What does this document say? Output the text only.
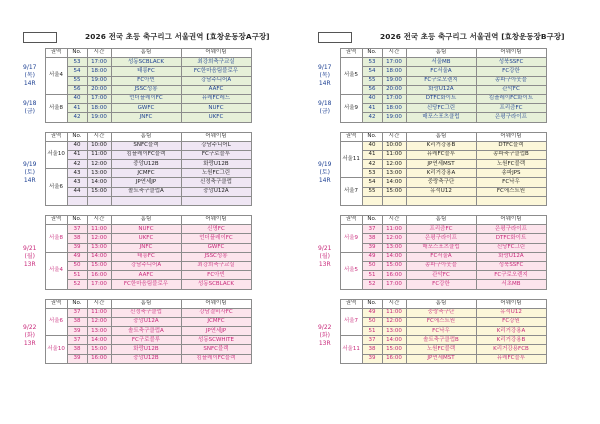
2026 전국 초등 축구리그 서울권역 [효창운동장A구장]
	권역	No.	시간	홈팀	어웨이팀

9/17
(목)
14R	서울4	53	17:00	성동SCBLACK	최강희축구교실
		54	18:00	태릉FC	FC한마음팀블로우
		55	19:00	FC아빈	강남주니어A
		56	20:00	JSSC성봉	AAFC

9/18
(금)	서울8	40	17:00	언더플레이FC	뮤레FC레드
		41	18:00	GWFC	NUFC
		42	19:00	JNFC	UKFC
	권역	No.	시간	홈팀	어웨이팀

9/19
(토)
14R	서울10	40	10:00	SNFC블랙	강남주니어L
		41	11:00	킴플레이FC블랙	FC구로블루
		42	12:00	중앙U12B	화랑U12B
	서울6	43	13:00	JCMFC	노원FC그린
		43	14:00	JP연세JP	신정축구클럽
		44	15:00	솔트축구클럽A	중앙U12A

	권역	No.	시간	홈팀	어웨이팀

9/21
(월)
13R	서울8	37	11:00	NUFC	신명FC
		38	12:00	UKFC	언더플레이FC
		39	13:00	JNFC	GWFC
	서울4	49	14:00	태릉FC	JSSC성봉
		50	15:00	강남주니어A	최강희축구교실
		51	16:00	AAFC	FC아빈
		52	17:00	FC한마음팀블로우	성동SCBLACK
	권역	No.	시간	홈팀	어웨이팀

9/22
(화)
13R	서울6	37	11:00	신정축구클럽	강남결비사FC
		38	12:00	중앙U12A	JCMFC
		39	13:00	솔트축구클럽A	JP연세JP
	서울10	37	14:00	FC구로블루	성동SCWHITE
		38	15:00	화랑U12B	SNFC블랙
		39	16:00	중앙U12B	킴플레이FC블랙
2026 전국 초등 축구리그 서울권역 [효창운동장B구장]
	권역	No.	시간	홈팀	어웨이팀

9/17
(목)
14R	서울5	53	17:00	서울MB	성북SSFC
		54	18:00	FC서울A	FC강한
		55	19:00	FC구로오렌지	송파구아웃블
		56	20:00	화랑U12A	관악FC

9/18
(금)	서울9	40	17:00	DTFC화이트	킴플레이FC화이트
		41	18:00	신당FC그린	프리즘FC
		42	19:00	매포스포츠클럽	은평구라이프
	권역	No.	시간	홈팀	어웨이팀

9/19
(토)
14R	서울11	40	10:00	K리거강용B	DTFC블랙
		41	11:00	뮤레FC블루	송파축구클럽B
		42	12:00	JP연세MST	노원FC블랙
		53	13:00	K리거강용A	송파JPS
	서울7	54	14:00	중랑축구단	FC낙우
		55	15:00	유석U12	FC에스트원

	권역	No.	시간	홈팀	어웨이팀

9/21
(월)
13R	서울9	37	11:00	프리즘FC	은평구라이프
		38	12:00	은평구라이프	DTFC화이트
		39	13:00	매포스포츠클럽	신당FC그린
	서울5	49	14:00	FC서울A	화랑U12A
		50	15:00	송파구아웃블	성북SSFC
		51	16:00	관악FC	FC구로오렌지
		52	17:00	FC강한	서초MB
	권역	No.	시간	홈팀	어웨이팀

9/22
(화)
13R	서울7	49	11:00	중랑축구단	유석U12
		50	12:00	FC에스트원	FC강원
		51	13:00	FC낙우	K리거강용A
	서울11	37	14:00	솔트축구클럽B	K리거강용B
		38	15:00	노원FC블랙	K리거강용FCB
		39	16:00	JP연세MST	뮤레FC블루
